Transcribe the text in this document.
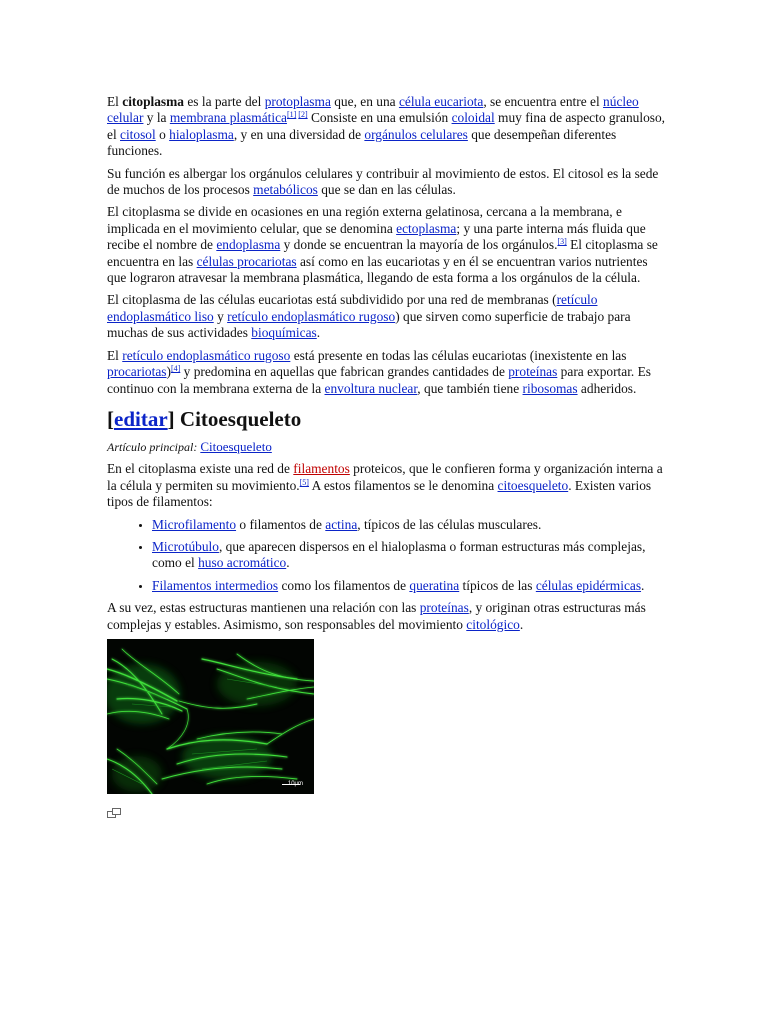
El citoplasma es la parte del protoplasma que, en una célula eucariota, se encuentra entre el núcleo celular y la membrana plasmática[1] [2] Consiste en una emulsión coloidal muy fina de aspecto granuloso, el citosol o hialoplasma, y en una diversidad de orgánulos celulares que desempeñan diferentes funciones.

Su función es albergar los orgánulos celulares y contribuir al movimiento de estos. El citosol es la sede de muchos de los procesos metabólicos que se dan en las células.

El citoplasma se divide en ocasiones en una región externa gelatinosa, cercana a la membrana, e implicada en el movimiento celular, que se denomina ectoplasma; y una parte interna más fluida que recibe el nombre de endoplasma y donde se encuentran la mayoría de los orgánulos.[3] El citoplasma se encuentra en las células procariotas así como en las eucariotas y en él se encuentran varios nutrientes que lograron atravesar la membrana plasmática, llegando de esta forma a los orgánulos de la célula.

El citoplasma de las células eucariotas está subdividido por una red de membranas (retículo endoplasmático liso y retículo endoplasmático rugoso) que sirven como superficie de trabajo para muchas de sus actividades bioquímicas.

El retículo endoplasmático rugoso está presente en todas las células eucariotas (inexistente en las procariotas)[4] y predomina en aquellas que fabrican grandes cantidades de proteínas para exportar. Es continuo con la membrana externa de la envoltura nuclear, que también tiene ribosomas adheridos.

[editar] Citoesqueleto
Artículo principal: Citoesqueleto

En el citoplasma existe una red de filamentos proteicos, que le confieren forma y organización interna a la célula y permiten su movimiento.[5] A estos filamentos se le denomina citoesqueleto. Existen varios tipos de filamentos:

• Microfilamento o filamentos de actina, típicos de las células musculares.
• Microtúbulo, que aparecen dispersos en el hialoplasma o forman estructuras más complejas, como el huso acromático.
• Filamentos intermedios como los filamentos de queratina típicos de las células epidérmicas.

A su vez, estas estructuras mantienen una relación con las proteínas, y originan otras estructuras más complejas y estables. Asimismo, son responsables del movimiento citológico.

10μm
